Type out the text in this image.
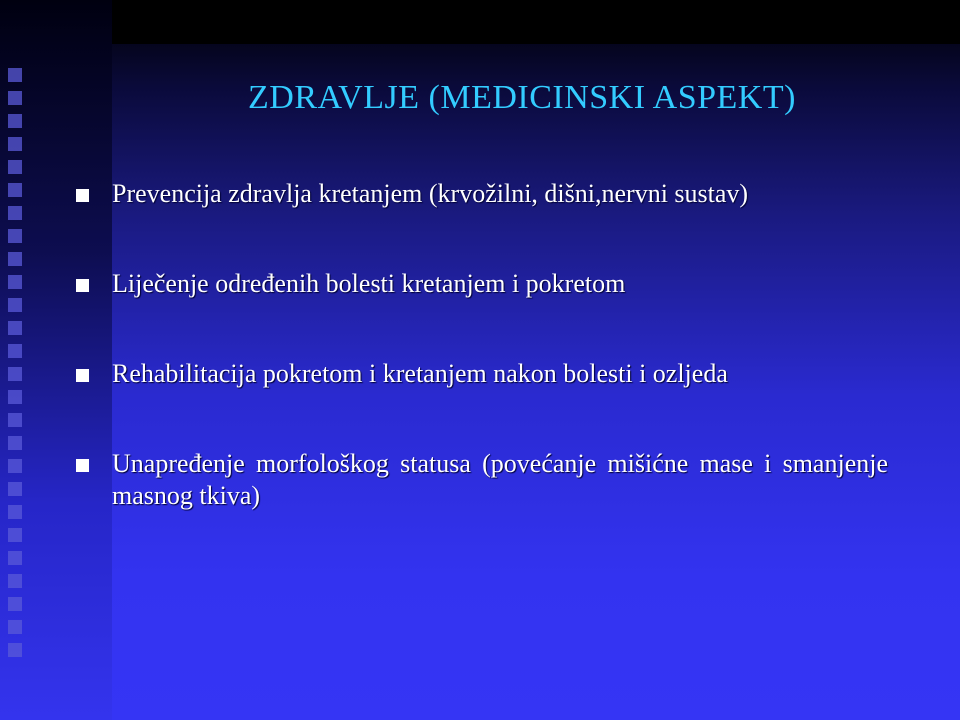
ZDRAVLJE (MEDICINSKI ASPEKT)
Prevencija zdravlja kretanjem (krvožilni, dišni,nervni sustav)
Liječenje određenih bolesti kretanjem i pokretom
Rehabilitacija pokretom i kretanjem nakon bolesti i ozljeda
Unapređenje morfološkog statusa (povećanje mišićne mase i smanjenje masnog tkiva)
